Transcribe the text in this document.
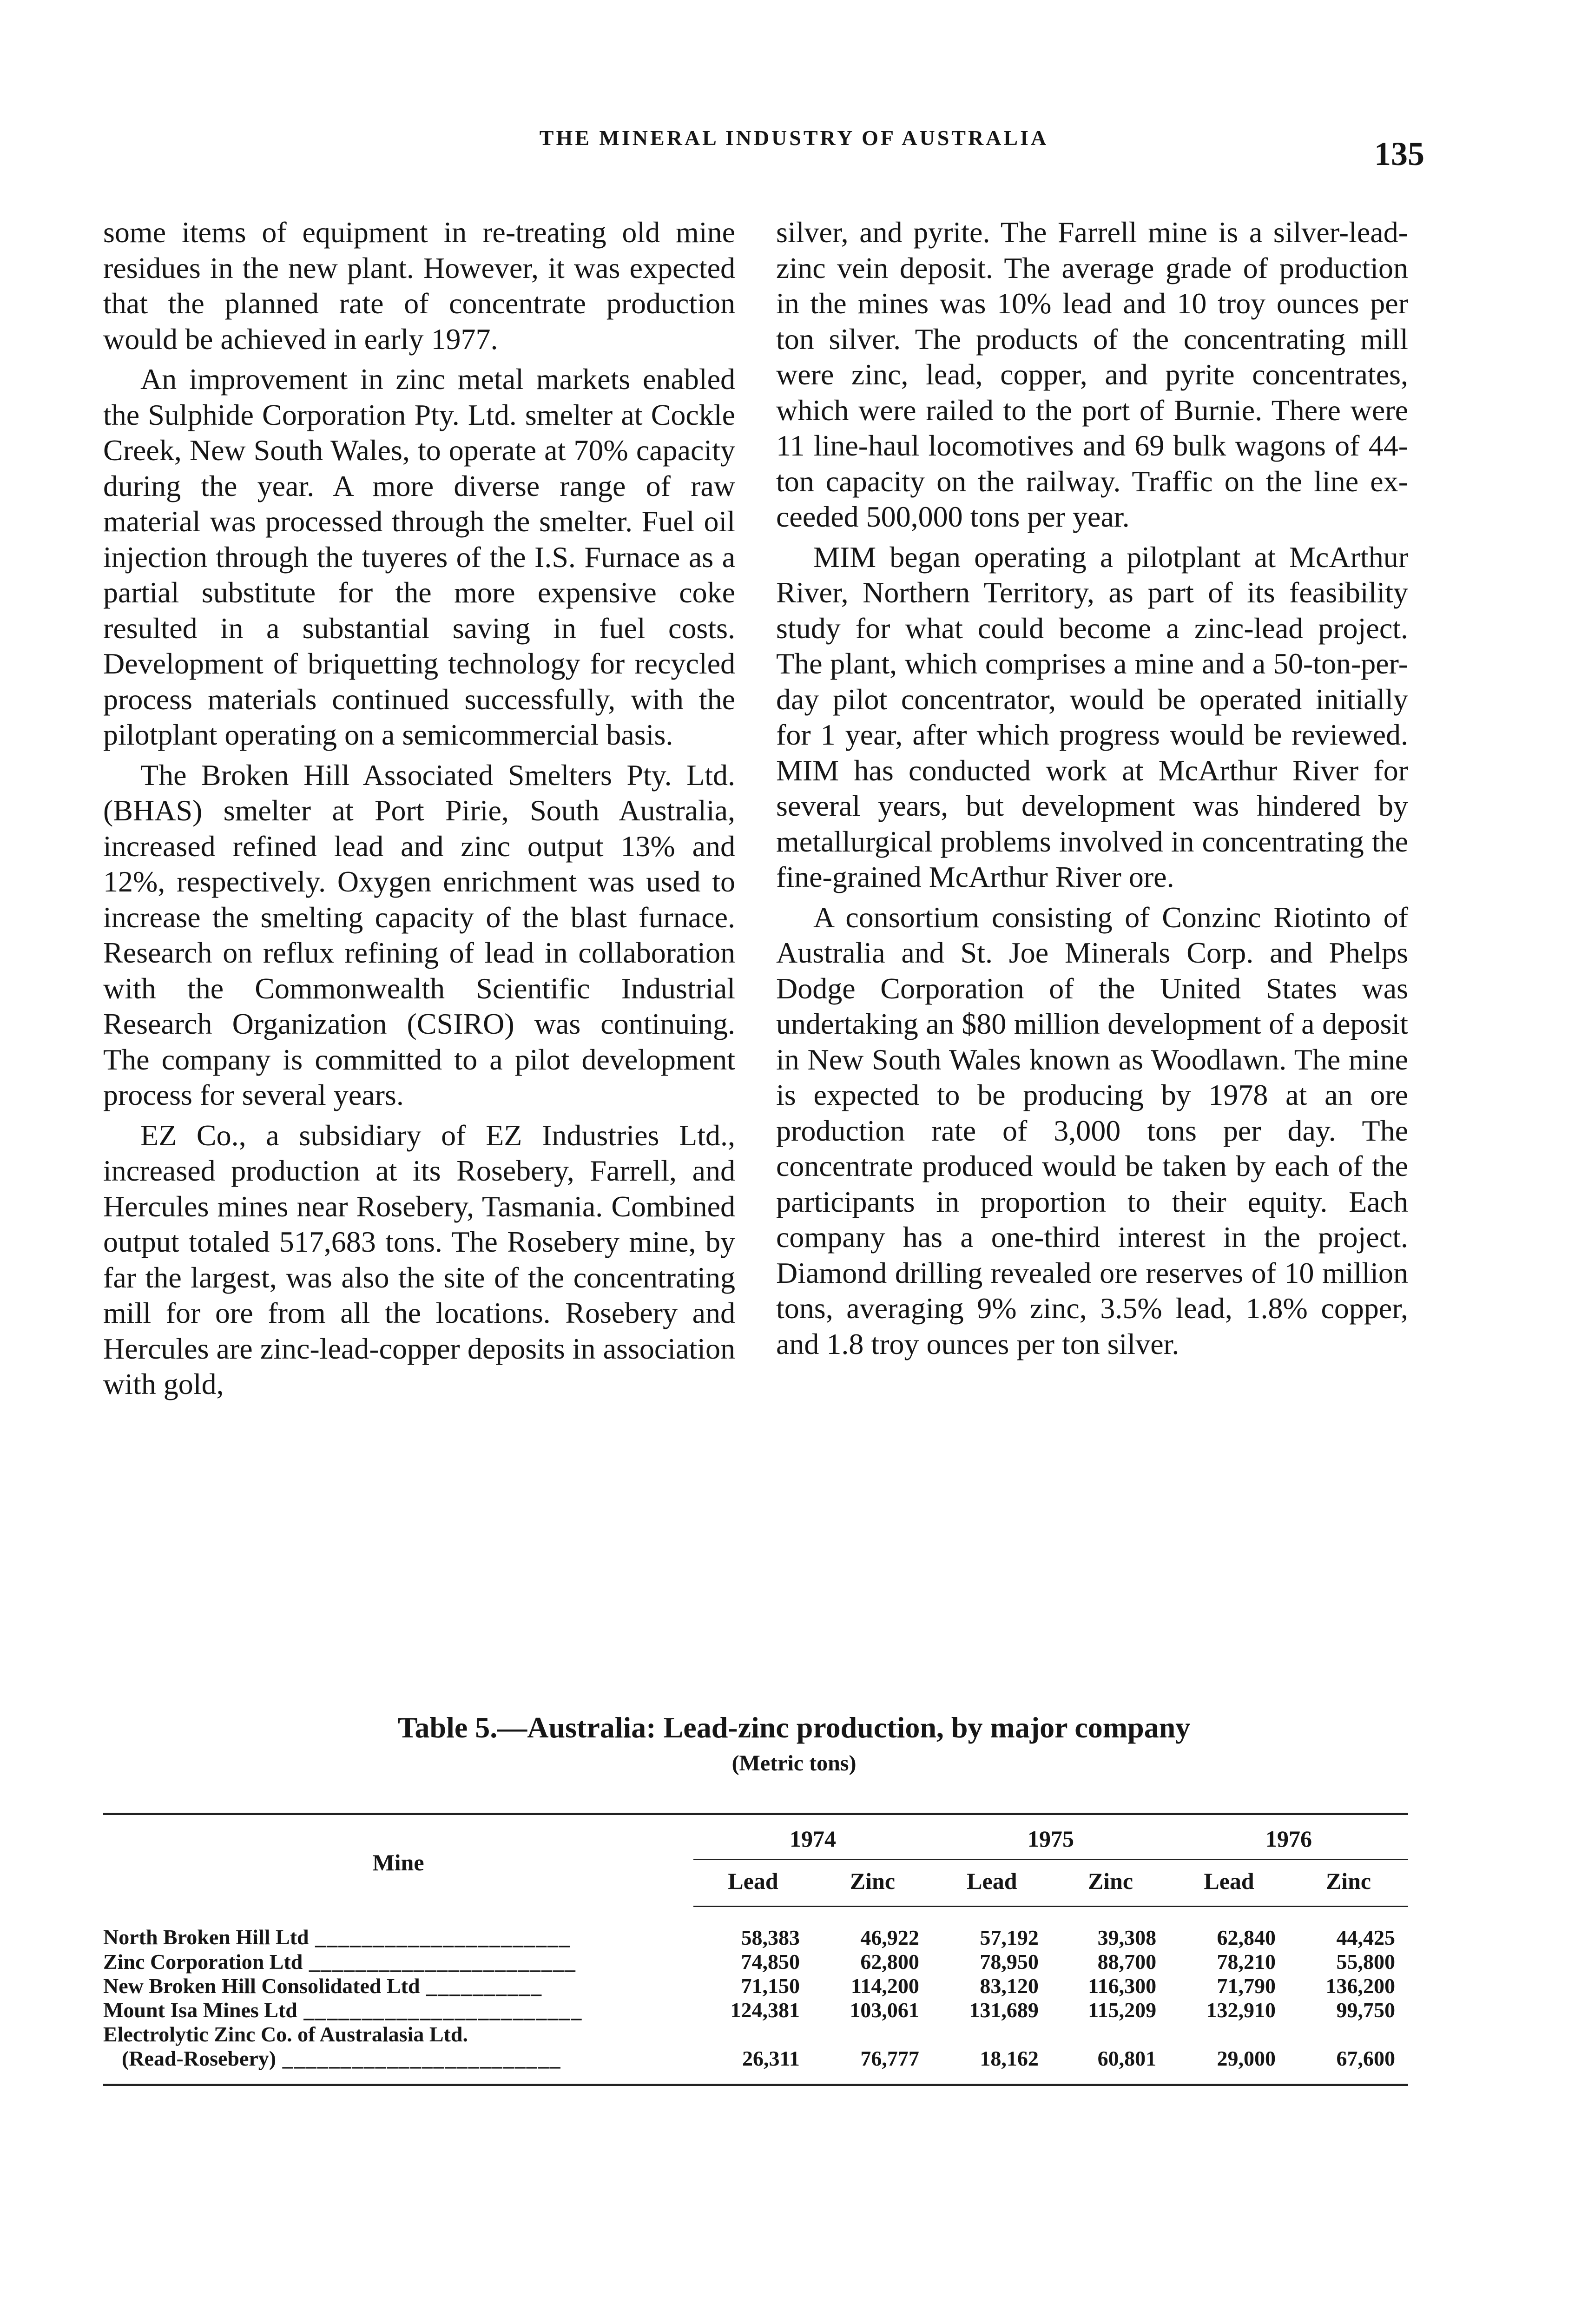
THE MINERAL INDUSTRY OF AUSTRALIA	135

some items of equipment in re-treating old mine residues in the new plant. However, it was expected that the planned rate of concentrate production would be achieved in early 1977.

An improvement in zinc metal markets enabled the Sulphide Corporation Pty. Ltd. smelter at Cockle Creek, New South Wales, to operate at 70% capacity during the year. A more diverse range of raw material was processed through the smelter. Fuel oil injection through the tuyeres of the I.S. Furnace as a partial substitute for the more expensive coke resulted in a substantial saving in fuel costs. Development of briquetting technology for recycled process materials continued successfully, with the pilotplant operating on a semicommercial basis.

The Broken Hill Associated Smelters Pty. Ltd. (BHAS) smelter at Port Pirie, South Australia, increased refined lead and zinc output 13% and 12%, respectively. Oxygen enrichment was used to increase the smelting capacity of the blast furnace. Research on reflux refining of lead in collaboration with the Commonwealth Scientific Industrial Research Organization (CSIRO) was continuing. The company is committed to a pilot development process for several years.

EZ Co., a subsidiary of EZ Industries Ltd., increased production at its Rosebery, Farrell, and Hercules mines near Rosebery, Tasmania. Combined output totaled 517,683 tons. The Rosebery mine, by far the largest, was also the site of the concentrating mill for ore from all the locations. Rosebery and Hercules are zinc-lead-copper deposits in association with gold,

silver, and pyrite. The Farrell mine is a silver-lead-zinc vein deposit. The average grade of production in the mines was 10% lead and 10 troy ounces per ton silver. The products of the concentrating mill were zinc, lead, copper, and pyrite concentrates, which were railed to the port of Burnie. There were 11 line-haul locomotives and 69 bulk wagons of 44-ton capacity on the railway. Traffic on the line exceeded 500,000 tons per year.

MIM began operating a pilotplant at McArthur River, Northern Territory, as part of its feasibility study for what could become a zinc-lead project. The plant, which comprises a mine and a 50-ton-per-day pilot concentrator, would be operated initially for 1 year, after which progress would be reviewed. MIM has conducted work at McArthur River for several years, but development was hindered by metallurgical problems involved in concentrating the fine-grained McArthur River ore.

A consortium consisting of Conzinc Riotinto of Australia and St. Joe Minerals Corp. and Phelps Dodge Corporation of the United States was undertaking an $80 million development of a deposit in New South Wales known as Woodlawn. The mine is expected to be producing by 1978 at an ore production rate of 3,000 tons per day. The concentrate produced would be taken by each of the participants in proportion to their equity. Each company has a one-third interest in the project. Diamond drilling revealed ore reserves of 10 million tons, averaging 9% zinc, 3.5% lead, 1.8% copper, and 1.8 troy ounces per ton silver.

Table 5.—Australia: Lead-zinc production, by major company
(Metric tons)
Mine	1974		1975		1976	
	Lead	Zinc	Lead	Zinc	Lead	Zinc
North Broken Hill Ltd ______________________	58,383	46,922	57,192	39,308	62,840	44,425
Zinc Corporation Ltd _______________________	74,850	62,800	78,950	88,700	78,210	55,800
New Broken Hill Consolidated Ltd __________	71,150	114,200	83,120	116,300	71,790	136,200
Mount Isa Mines Ltd ________________________	124,381	103,061	131,689	115,209	132,910	99,750
Electrolytic Zinc Co. of Australasia Ltd.						
(Read-Rosebery) ________________________	26,311	76,777	18,162	60,801	29,000	67,600
